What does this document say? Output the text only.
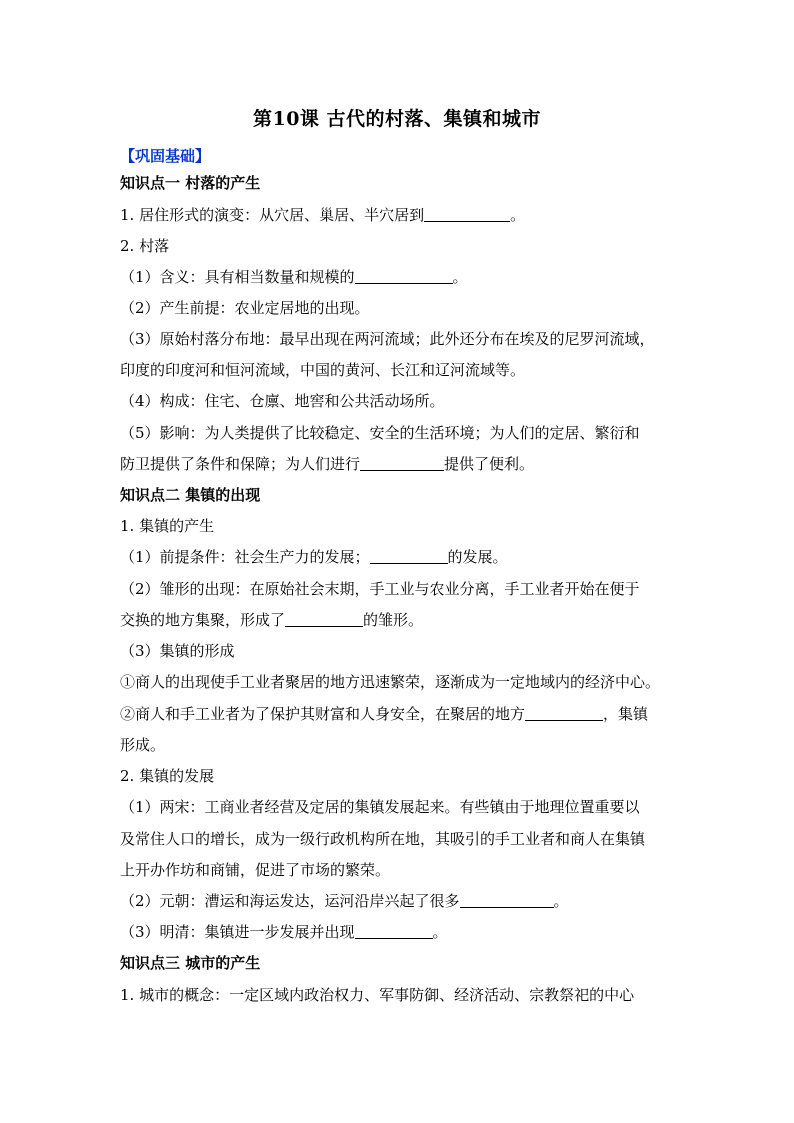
第10课 古代的村落、集镇和城市
【巩固基础】
知识点一 村落的产生
1. 居住形式的演变：从穴居、巢居、半穴居到	。
2. 村落
（1）含义：具有相当数量和规模的	。
（2）产生前提：农业定居地的出现。
（3）原始村落分布地：最早出现在两河流域；此外还分布在埃及的尼罗河流域，
印度的印度河和恒河流域，中国的黄河、长江和辽河流域等。
（4）构成：住宅、仓廪、地窖和公共活动场所。
（5）影响：为人类提供了比较稳定、安全的生活环境；为人们的定居、繁衍和
防卫提供了条件和保障；为人们进行	提供了便利。
知识点二 集镇的出现
1. 集镇的产生
（1）前提条件：社会生产力的发展；	的发展。
（2）雏形的出现：在原始社会末期，手工业与农业分离，手工业者开始在便于
交换的地方集聚，形成了	的雏形。
（3）集镇的形成
①商人的出现使手工业者聚居的地方迅速繁荣，逐渐成为一定地域内的经济中心。
②商人和手工业者为了保护其财富和人身安全，在聚居的地方	，集镇
形成。
2. 集镇的发展
（1）两宋：工商业者经营及定居的集镇发展起来。有些镇由于地理位置重要以
及常住人口的增长，成为一级行政机构所在地，其吸引的手工业者和商人在集镇
上开办作坊和商铺，促进了市场的繁荣。
（2）元朝：漕运和海运发达，运河沿岸兴起了很多	。
（3）明清：集镇进一步发展并出现	。
知识点三 城市的产生
1. 城市的概念：一定区域内政治权力、军事防御、经济活动、宗教祭祀的中心
